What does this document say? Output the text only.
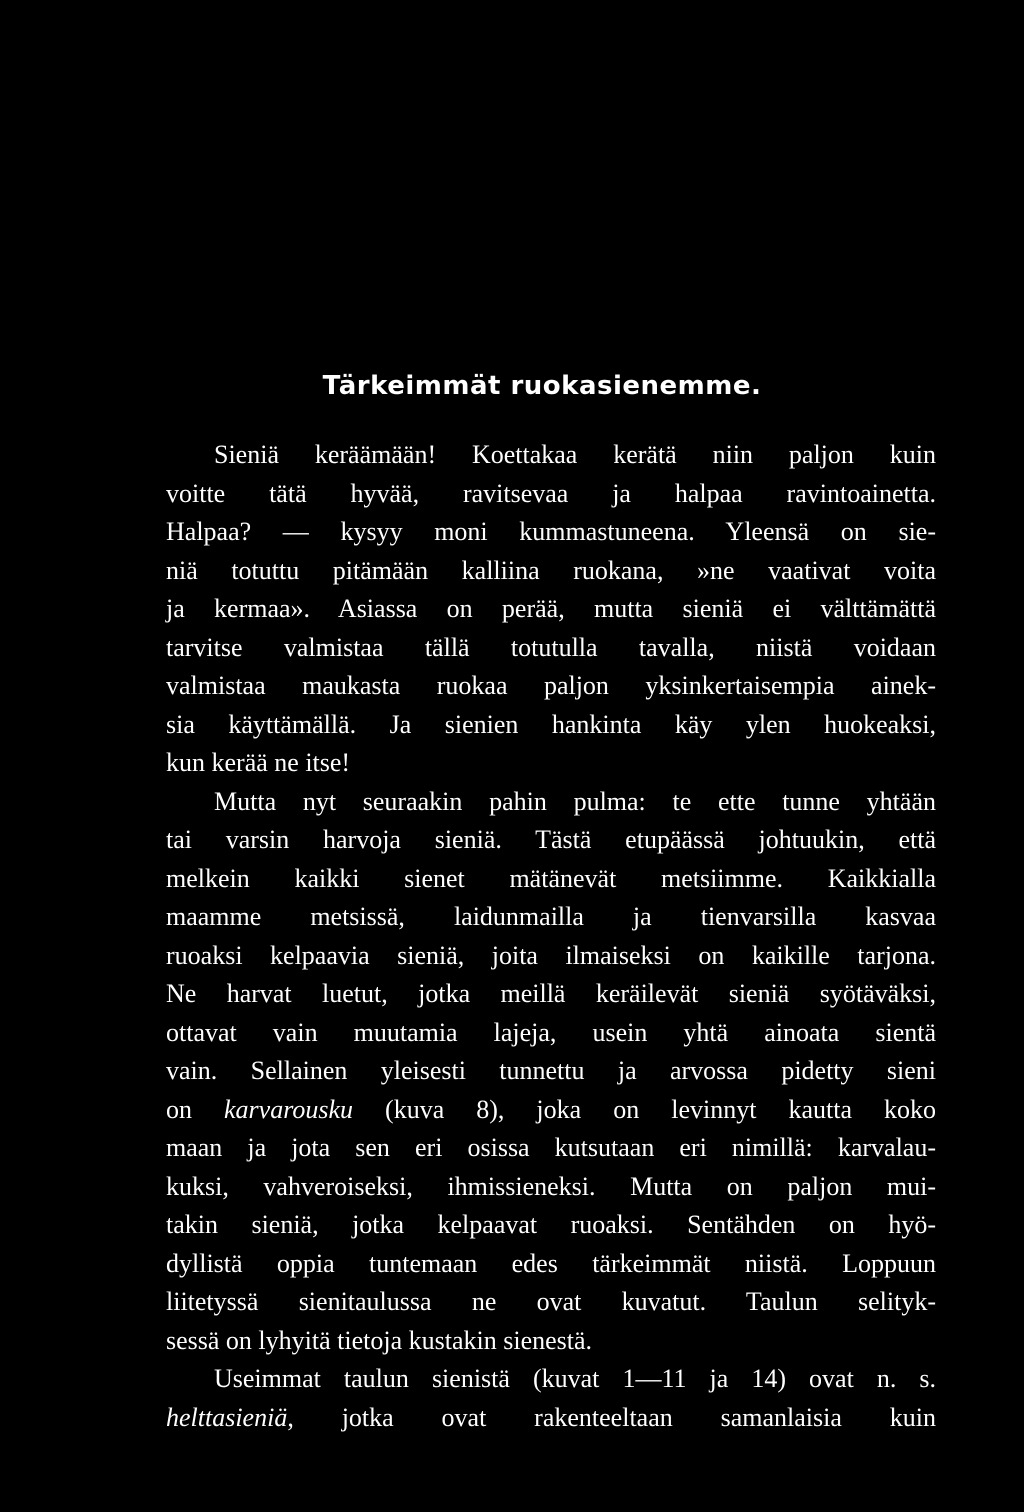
Tärkeimmät ruokasienemme.
Sieniä keräämään! Koettakaa kerätä niin paljon kuin
voitte tätä hyvää, ravitsevaa ja halpaa ravintoainetta.
Halpaa? — kysyy moni kummastuneena. Yleensä on sie-
niä totuttu pitämään kalliina ruokana, »ne vaativat voita
ja kermaa». Asiassa on perää, mutta sieniä ei välttämättä
tarvitse valmistaa tällä totutulla tavalla, niistä voidaan
valmistaa maukasta ruokaa paljon yksinkertaisempia ainek-
sia käyttämällä. Ja sienien hankinta käy ylen huokeaksi,
kun kerää ne itse!
Mutta nyt seuraakin pahin pulma: te ette tunne yhtään
tai varsin harvoja sieniä. Tästä etupäässä johtuukin, että
melkein kaikki sienet mätänevät metsiimme. Kaikkialla
maamme metsissä, laidunmailla ja tienvarsilla kasvaa
ruoaksi kelpaavia sieniä, joita ilmaiseksi on kaikille tarjona.
Ne harvat luetut, jotka meillä keräilevät sieniä syötäväksi,
ottavat vain muutamia lajeja, usein yhtä ainoata sientä
vain. Sellainen yleisesti tunnettu ja arvossa pidetty sieni
on karvarousku (kuva 8), joka on levinnyt kautta koko
maan ja jota sen eri osissa kutsutaan eri nimillä: karvalau-
kuksi, vahveroiseksi, ihmissieneksi. Mutta on paljon mui-
takin sieniä, jotka kelpaavat ruoaksi. Sentähden on hyö-
dyllistä oppia tuntemaan edes tärkeimmät niistä. Loppuun
liitetyssä sienitaulussa ne ovat kuvatut. Taulun selityk-
sessä on lyhyitä tietoja kustakin sienestä.
Useimmat taulun sienistä (kuvat 1—11 ja 14) ovat n. s.
helttasieniä, jotka ovat rakenteeltaan samanlaisia kuin
